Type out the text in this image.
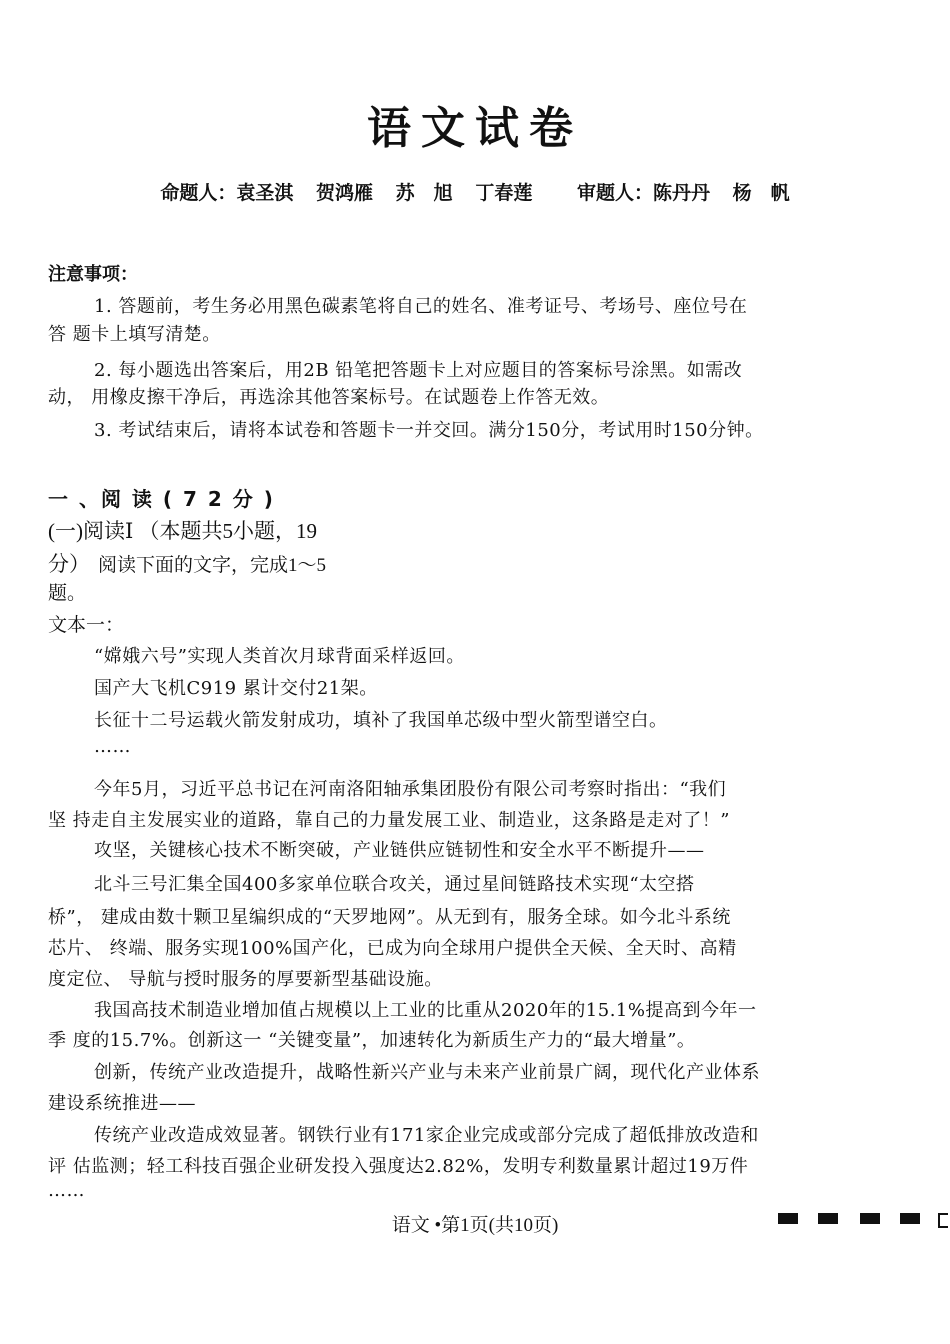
语文试卷
命题人：袁圣淇 贺鸿雁 苏　旭 丁春莲 审题人：陈丹丹 杨　帆
注意事项：
1. 答题前，考生务必用黑色碳素笔将自己的姓名、准考证号、考场号、座位号在
答 题卡上填写清楚。
2. 每小题选出答案后，用2B 铅笔把答题卡上对应题目的答案标号涂黑。如需改
动， 用橡皮擦干净后，再选涂其他答案标号。在试题卷上作答无效。
3. 考试结束后，请将本试卷和答题卡一并交回。满分150分，考试用时150分钟。
一 、阅 读 ( 7 2 分 )
(一)阅读Ⅰ （本题共5小题，19
分） 阅读下面的文字，完成1～5
题。
文本一：
“嫦娥六号”实现人类首次月球背面采样返回。
国产大飞机C919 累计交付21架。
长征十二号运载火箭发射成功，填补了我国单芯级中型火箭型谱空白。
……
今年5月，习近平总书记在河南洛阳轴承集团股份有限公司考察时指出：“我们
坚 持走自主发展实业的道路，靠自己的力量发展工业、制造业，这条路是走对了！”
攻坚，关键核心技术不断突破，产业链供应链韧性和安全水平不断提升——
北斗三号汇集全国400多家单位联合攻关，通过星间链路技术实现“太空搭
桥”， 建成由数十颗卫星编织成的“天罗地网”。从无到有，服务全球。如今北斗系统
芯片、 终端、服务实现100%国产化，已成为向全球用户提供全天候、全天时、高精
度定位、 导航与授时服务的厚要新型基础设施。
我国高技术制造业增加值占规模以上工业的比重从2020年的15.1%提高到今年一
季 度的15.7%。创新这一 “关键变量”，加速转化为新质生产力的“最大增量”。
创新，传统产业改造提升，战略性新兴产业与未来产业前景广阔，现代化产业体系
建设系统推进——
传统产业改造成效显著。钢铁行业有171家企业完成或部分完成了超低排放改造和
评 估监测；轻工科技百强企业研发投入强度达2.82%，发明专利数量累计超过19万件
……
语文 •第1页(共10页)
